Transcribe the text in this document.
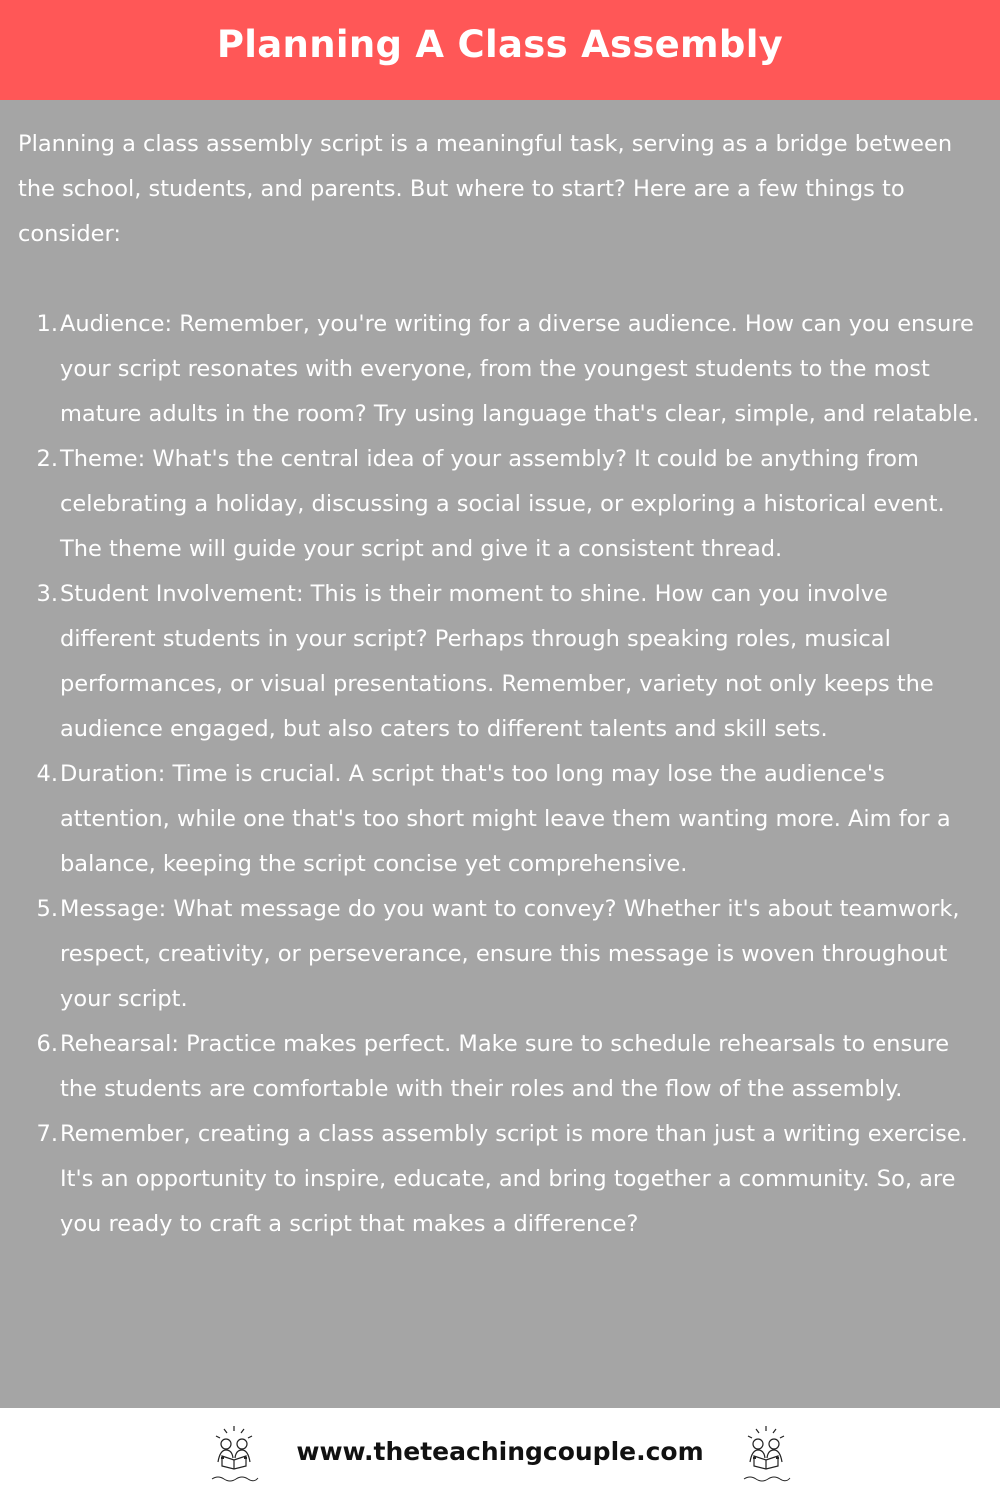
Planning A Class Assembly

Planning a class assembly script is a meaningful task, serving as a bridge between the school, students, and parents. But where to start? Here are a few things to consider:

1. Audience: Remember, you're writing for a diverse audience. How can you ensure your script resonates with everyone, from the youngest students to the most mature adults in the room? Try using language that's clear, simple, and relatable.
2. Theme: What's the central idea of your assembly? It could be anything from celebrating a holiday, discussing a social issue, or exploring a historical event. The theme will guide your script and give it a consistent thread.
3. Student Involvement: This is their moment to shine. How can you involve different students in your script? Perhaps through speaking roles, musical performances, or visual presentations. Remember, variety not only keeps the audience engaged, but also caters to different talents and skill sets.
4. Duration: Time is crucial. A script that's too long may lose the audience's attention, while one that's too short might leave them wanting more. Aim for a balance, keeping the script concise yet comprehensive.
5. Message: What message do you want to convey? Whether it's about teamwork, respect, creativity, or perseverance, ensure this message is woven throughout your script.
6. Rehearsal: Practice makes perfect. Make sure to schedule rehearsals to ensure the students are comfortable with their roles and the flow of the assembly.
7. Remember, creating a class assembly script is more than just a writing exercise. It's an opportunity to inspire, educate, and bring together a community. So, are you ready to craft a script that makes a difference?
www.theteachingcouple.com
